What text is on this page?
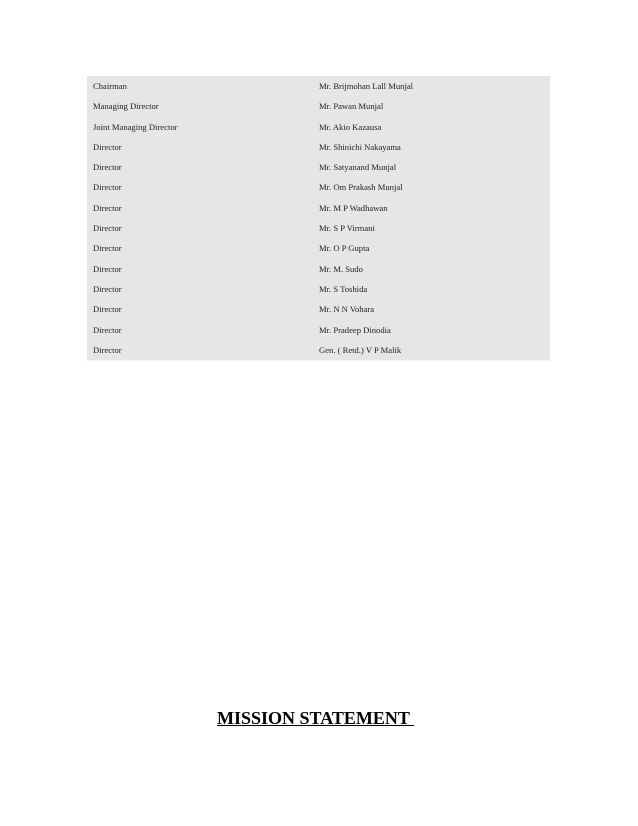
Chairman	Mr. Brijmohan Lall Munjal
Managing Director	Mr. Pawan Munjal
Joint Managing Director	Mr. Akio Kazausa
Director	Mr. Shinichi Nakayama
Director	Mr. Satyanand Munjal
Director	Mr. Om Prakash Munjal
Director	Mr. M P Wadhawan
Director	Mr. S P Virmani
Director	Mr. O P Gupta
Director	Mr. M. Sudo
Director	Mr. S Toshida
Director	Mr. N N Vohara
Director	Mr. Pradeep Dinodia
Director	Gen. ( Retd.) V P Malik
MISSION STATEMENT
